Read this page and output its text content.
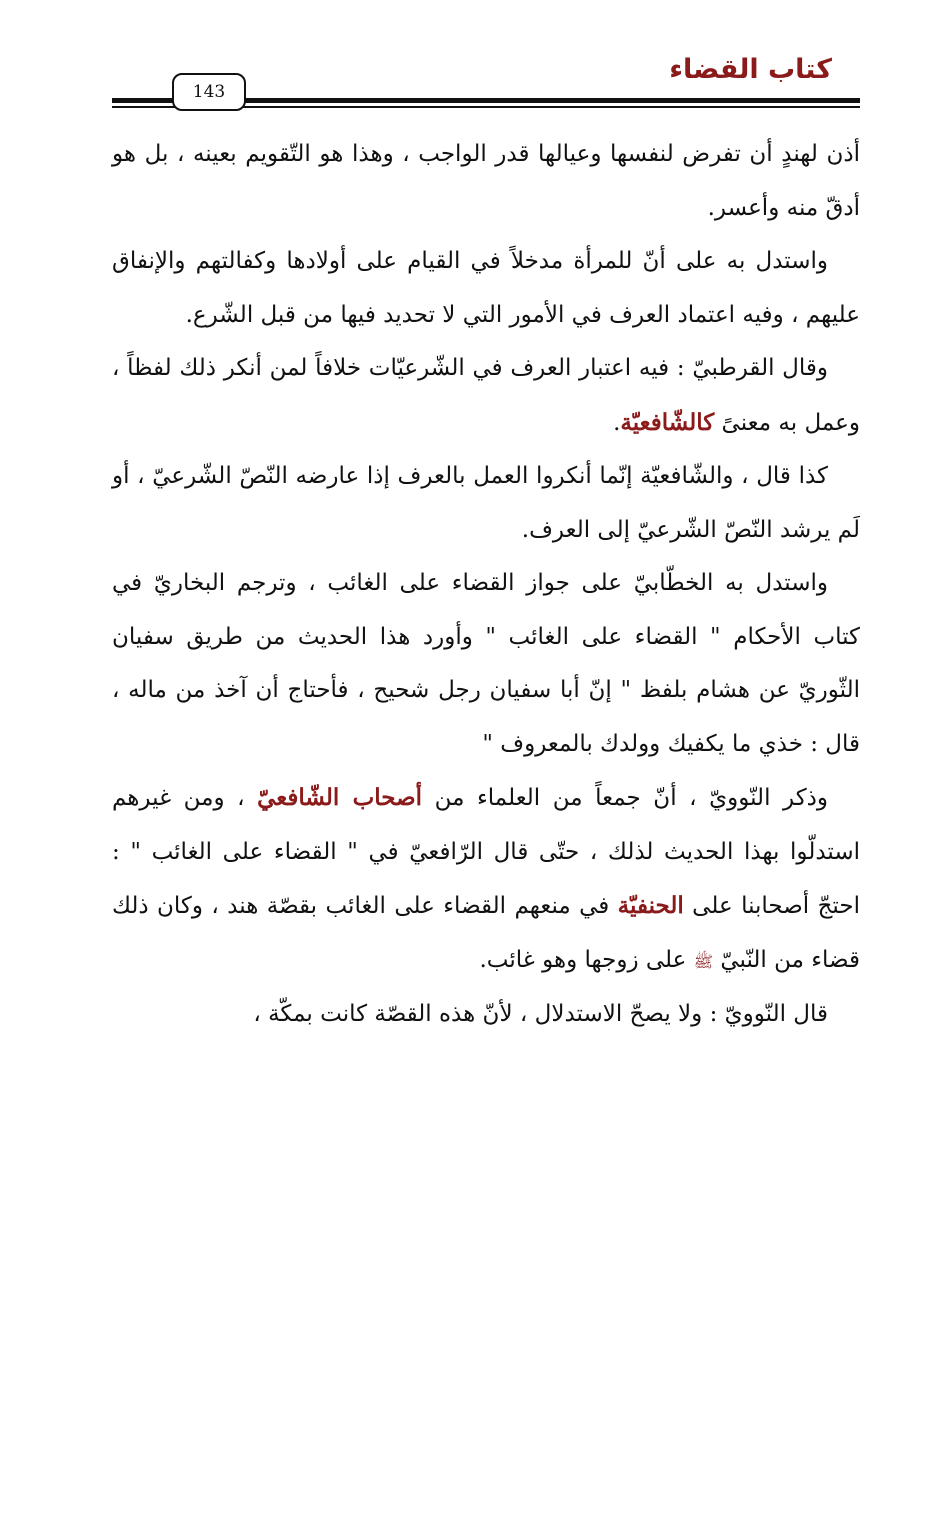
143
كتاب القضاء

أذن لهندٍ أن تفرض لنفسها وعيالها قدر الواجب ، وهذا هو التّقويم بعينه ، بل هو أدقّ منه وأعسر.

واستدل به على أنّ للمرأة مدخلاً في القيام على أولادها وكفالتهم والإنفاق عليهم ، وفيه اعتماد العرف في الأمور التي لا تحديد فيها من قبل الشّرع.

وقال القرطبيّ : فيه اعتبار العرف في الشّرعيّات خلافاً لمن أنكر ذلك لفظاً ، وعمل به معنىً كالشّافعيّة.

كذا قال ، والشّافعيّة إنّما أنكروا العمل بالعرف إذا عارضه النّصّ الشّرعيّ ، أو لَم يرشد النّصّ الشّرعيّ إلى العرف.

واستدل به الخطّابيّ على جواز القضاء على الغائب ، وترجم البخاريّ في كتاب الأحكام " القضاء على الغائب " وأورد هذا الحديث من طريق سفيان الثّوريّ عن هشام بلفظ " إنّ أبا سفيان رجل شحيح ، فأحتاج أن آخذ من ماله ، قال : خذي ما يكفيك وولدك بالمعروف "

وذكر النّوويّ ، أنّ جمعاً من العلماء من أصحاب الشّافعيّ ، ومن غيرهم استدلّوا بهذا الحديث لذلك ، حتّى قال الرّافعيّ في " القضاء على الغائب " : احتجّ أصحابنا على الحنفيّة في منعهم القضاء على الغائب بقصّة هند ، وكان ذلك قضاء من النّبيّ ﷺ على زوجها وهو غائب.

قال النّوويّ : ولا يصحّ الاستدلال ، لأنّ هذه القصّة كانت بمكّة ،
